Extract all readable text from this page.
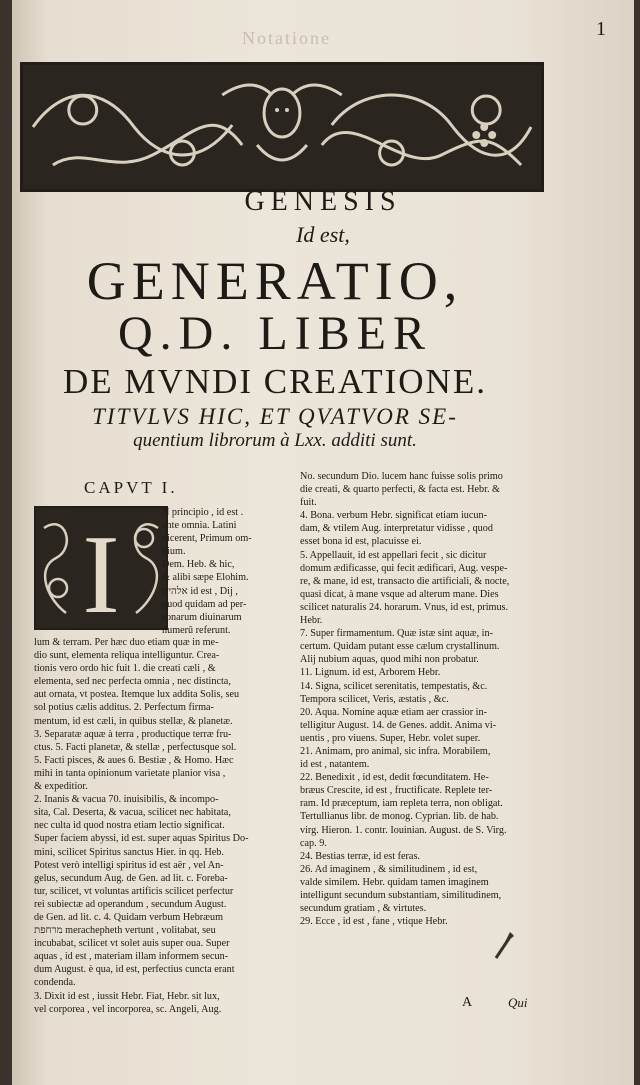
1
Notatione
GENESIS
Id est,
GENERATIO,
Q.D. LIBER
DE MVNDI CREATIONE.
TITVLVS HIC, ET QVATVOR SE-
quentium librorum à Lxx. additi sunt.
CAPVT I.
I
N principio , id est .
ante omnia. Latini
dicerent, Primum om-
nium.
Dem. Heb. & hic,
& alibi sæpe Elohim.
אלהים id est , Dij ,
quod quidam ad per-
sonarum diuinarum
numerū referunt.
lum & terram. Per hæc duo etiam quæ in me-
dio sunt, elementa reliqua intelliguntur. Crea-
tionis vero ordo hic fuit 1. die creati cæli , &
elementa, sed nec perfecta omnia , nec distincta,
aut ornata, vt postea. Itemque lux addita Solis, seu
sol potius cælis additus. 2. Perfectum firma-
mentum, id est cæli, in quibus stellæ, & planetæ.
3. Separatæ aquæ à terra , productique terræ fru-
ctus. 5. Facti planetæ, & stellæ , perfectusque sol.
5. Facti pisces, & aues 6. Bestiæ , & Homo. Hæc
mihi in tanta opinionum varietate planior visa ,
& expeditior.
2. Inanis & vacua 70. inuisibilis, & incompo-
sita, Cal. Deserta, & vacua, scilicet nec habitata,
nec culta id quod nostra etiam lectio significat.
Super faciem abyssi, id est. super aquas Spiritus Do-
mini, scilicet Spiritus sanctus Hier. in qq. Heb.
Potest verò intelligi spiritus id est aër , vel An-
gelus, secundum Aug. de Gen. ad lit. c. Foreba-
tur, scilicet, vt voluntas artificis scilicet perfectur
rei subiectæ ad operandum , secundum August.
de Gen. ad lit. c. 4. Quidam verbum Hebræum
מרחפת merachepheth vertunt , volitabat, seu
incubabat, scilicet vt solet auis super oua. Super
aquas , id est , materiam illam informem secun-
dum August. è qua, id est, perfectius cuncta erant
condenda.
3. Dixit id est , iussit Hebr. Fiat, Hebr. sit lux,
vel corporea , vel incorporea, sc. Angeli, Aug.
No. secundum Dio. lucem hanc fuisse solis primo
die creati, & quarto perfecti, & facta est. Hebr. &
fuit.
4. Bona. verbum Hebr. significat etiam iucun-
dam, & vtilem Aug. interpretatur vidisse , quod
esset bona id est, placuisse ei.
5. Appellauit, id est appellari fecit , sic dicitur
domum ædificasse, qui fecit ædificari, Aug. vespe-
re, & mane, id est, transacto die artificiali, & nocte,
quasi dicat, à mane vsque ad alterum mane. Dies
scilicet naturalis 24. horarum. Vnus, id est, primus.
Hebr.
7. Super firmamentum. Quæ istæ sint aquæ, in-
certum. Quidam putant esse cælum crystallinum.
Alij nubium aquas, quod mihi non probatur.
11. Lignum. id est, Arborem Hebr.
14. Signa, scilicet serenitatis, tempestatis, &c.
Tempora scilicet, Veris, æstatis , &c.
20. Aqua. Nomine aquæ etiam aer crassior in-
telligitur August. 14. de Genes. addit. Anima vi-
uentis , pro viuens. Super, Hebr. volet super.
21. Animam, pro animal, sic infra. Morabilem,
id est , natantem.
22. Benedixit , id est, dedit fœcunditatem. He-
bræus Crescite, id est , fructificate. Replete ter-
ram. Id præceptum, iam repleta terra, non obligat.
Tertullianus libr. de monog. Cyprian. lib. de hab.
virg. Hieron. 1. contr. Iouinian. August. de S. Virg.
cap. 9.
24. Bestias terræ, id est feras.
26. Ad imaginem , & similitudinem , id est,
valde similem. Hebr. quidam tamen imaginem
intelligunt secundum substantiam, similitudinem,
secundum gratiam , & virtutes.
29. Ecce , id est , fane , vtique Hebr.
A	Qui
